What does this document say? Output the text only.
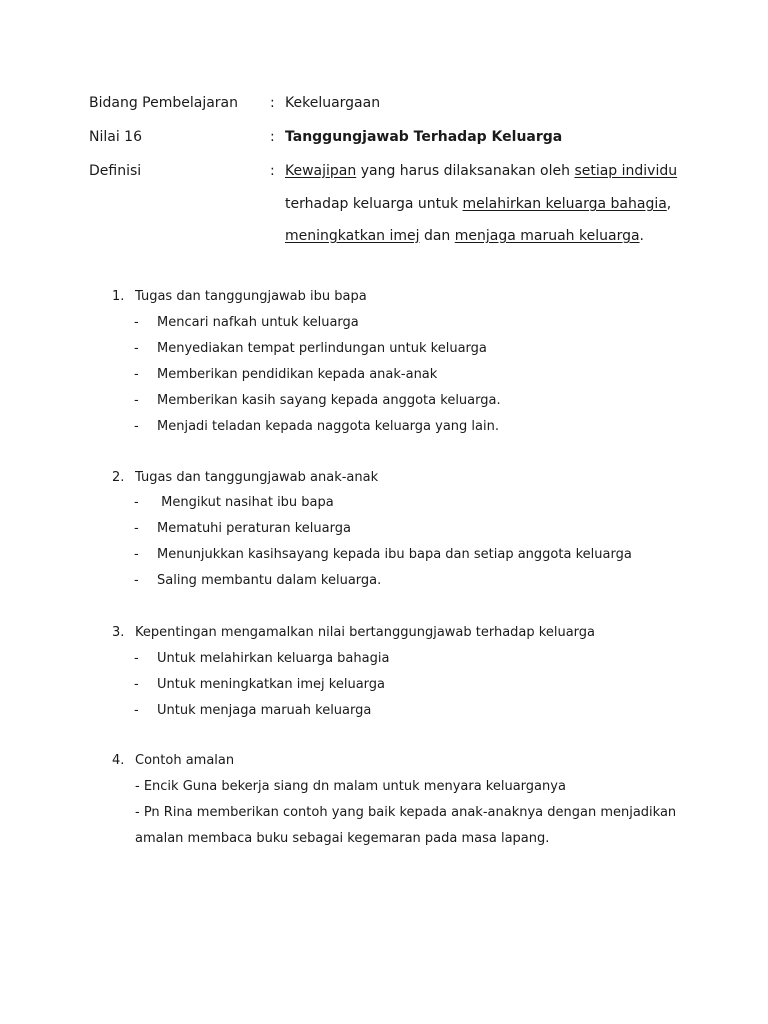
Bidang Pembelajaran : Kekeluargaan
Nilai 16	: Tanggungjawab Terhadap Keluarga
Definisi	: Kewajipan yang harus dilaksanakan oleh setiap individu
terhadap keluarga untuk melahirkan keluarga bahagia,
meningkatkan imej dan menjaga maruah keluarga.
1. Tugas dan tanggungjawab ibu bapa
- Mencari nafkah untuk keluarga
- Menyediakan tempat perlindungan untuk keluarga
- Memberikan pendidikan kepada anak-anak
- Memberikan kasih sayang kepada anggota keluarga.
- Menjadi teladan kepada naggota keluarga yang lain.
2. Tugas dan tanggungjawab anak-anak
- Mengikut nasihat ibu bapa
- Mematuhi peraturan keluarga
- Menunjukkan kasihsayang kepada ibu bapa dan setiap anggota keluarga
- Saling membantu dalam keluarga.
3. Kepentingan mengamalkan nilai bertanggungjawab terhadap keluarga
- Untuk melahirkan keluarga bahagia
- Untuk meningkatkan imej keluarga
- Untuk menjaga maruah keluarga
4. Contoh amalan
- Encik Guna bekerja siang dn malam untuk menyara keluarganya
- Pn Rina memberikan contoh yang baik kepada anak-anaknya dengan menjadikan
amalan membaca buku sebagai kegemaran pada masa lapang.
